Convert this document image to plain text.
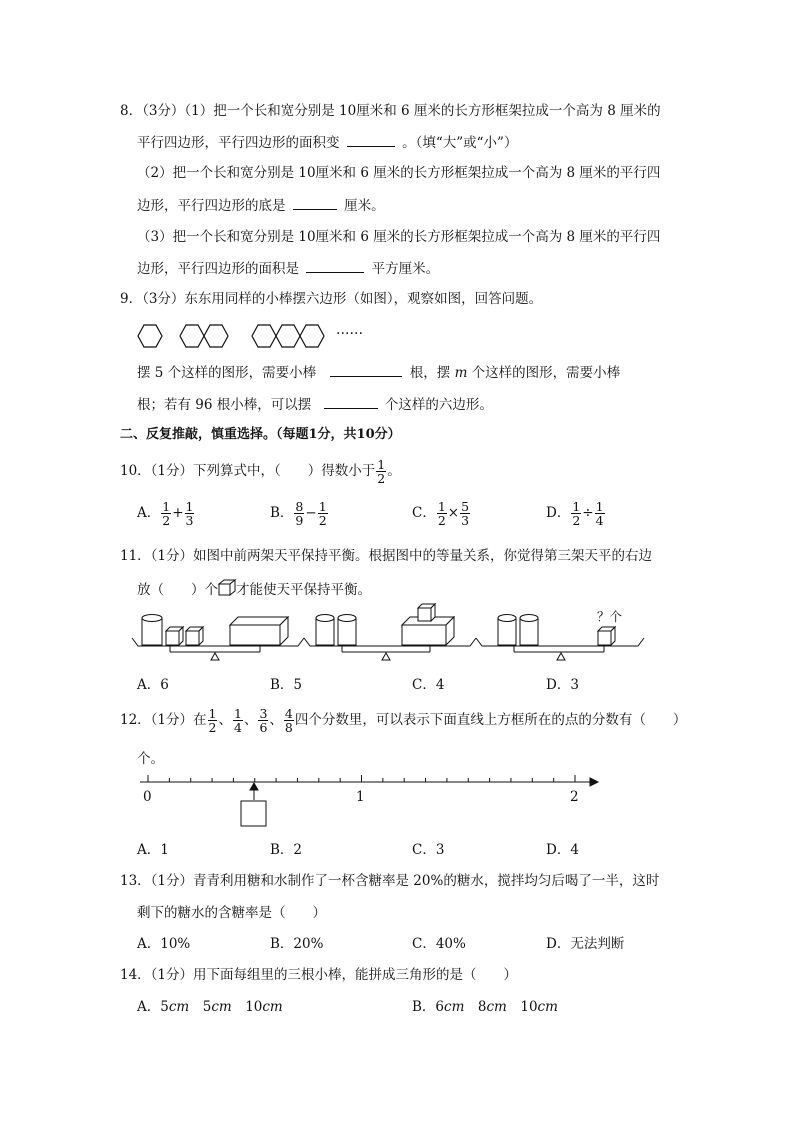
8．（3分）（1）把一个长和宽分别是 10厘米和 6 厘米的长方形框架拉成一个高为 8 厘米的
平行四边形，平行四边形的面积变	。（填“大”或“小”）
（2）把一个长和宽分别是 10厘米和 6 厘米的长方形框架拉成一个高为 8 厘米的平行四
边形，平行四边形的底是	厘米。
（3）把一个长和宽分别是 10厘米和 6 厘米的长方形框架拉成一个高为 8 厘米的平行四
边形，平行四边形的面积是	平方厘米。
9．（3分）东东用同样的小棒摆六边形（如图），观察如图，回答问题。
……
摆 5 个这样的图形，需要小棒	根，摆 m 个这样的图形，需要小棒
根；若有 96 根小棒，可以摆	个这样的六边形。
二、反复推敲，慎重选择。（每题1分，共10分）
10．（1分）下列算式中，（　　）得数小于 $\frac{1}{2}$ 。
A． $\frac{1}{2} + \frac{1}{3}$	B． $\frac{8}{9} - \frac{1}{2}$	C． $\frac{1}{2} \times \frac{5}{3}$	D． $\frac{1}{2} \div \frac{1}{4}$
11．（1分）如图中前两架天平保持平衡。根据图中的等量关系，你觉得第三架天平的右边
放（　　）个 才能使天平保持平衡。
？个
A．6	B．5	C．4	D．3
12．（1分）在 $\frac{1}{2}$ 、 $\frac{1}{4}$ 、 $\frac{3}{6}$ 、 $\frac{4}{8}$ 四个分数里，可以表示下面直线上方框所在的点的分数有（　　）
个。
0	1	2
A．1	B．2	C．3	D．4
13．（1分）青青利用糖和水制作了一杯含糖率是 20%的糖水，搅拌均匀后喝了一半，这时
剩下的糖水的含糖率是（　　）
A．10%	B．20%	C．40%	D．无法判断
14．（1分）用下面每组里的三根小棒，能拼成三角形的是（　　）
A．5cm  5cm  10cm	B．6cm  8cm  10cm
